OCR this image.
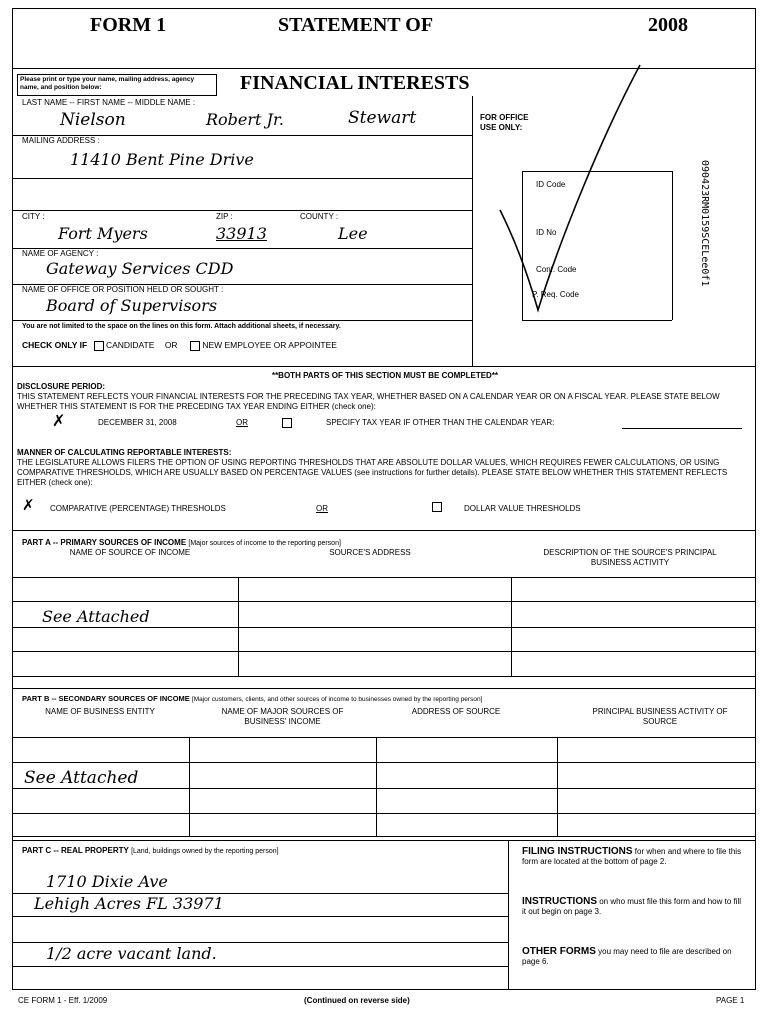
FORM 1	STATEMENT OF	2008
Please print or type your name, mailing address, agency name, and position below:	FINANCIAL INTERESTS
LAST NAME -- FIRST NAME -- MIDDLE NAME :
Nielson	Robert Jr.	Stewart
MAILING ADDRESS :
11410 Bent Pine Drive
CITY :	ZIP :	COUNTY :
Fort Myers	33913	Lee
NAME OF AGENCY :
Gateway Services CDD
NAME OF OFFICE OR POSITION HELD OR SOUGHT :
Board of Supervisors
You are not limited to the space on the lines on this form. Attach additional sheets, if necessary.
CHECK ONLY IF CANDIDATE OR	NEW EMPLOYEE OR APPOINTEE
FOR OFFICE USE ONLY:
ID Code
ID No
Conf. Code
P. Req. Code
090423RM0159SCELee0f1
**BOTH PARTS OF THIS SECTION MUST BE COMPLETED**
DISCLOSURE PERIOD:
THIS STATEMENT REFLECTS YOUR FINANCIAL INTERESTS FOR THE PRECEDING TAX YEAR, WHETHER BASED ON A CALENDAR YEAR OR ON A FISCAL YEAR. PLEASE STATE BELOW WHETHER THIS STATEMENT IS FOR THE PRECEDING TAX YEAR ENDING EITHER (check one):
✗	DECEMBER 31, 2008	OR	SPECIFY TAX YEAR IF OTHER THAN THE CALENDAR YEAR:
MANNER OF CALCULATING REPORTABLE INTERESTS:
THE LEGISLATURE ALLOWS FILERS THE OPTION OF USING REPORTING THRESHOLDS THAT ARE ABSOLUTE DOLLAR VALUES, WHICH REQUIRES FEWER CALCULATIONS, OR USING COMPARATIVE THRESHOLDS, WHICH ARE USUALLY BASED ON PERCENTAGE VALUES (see instructions for further details). PLEASE STATE BELOW WHETHER THIS STATEMENT REFLECTS EITHER (check one):
✗ COMPARATIVE (PERCENTAGE) THRESHOLDS	OR	DOLLAR VALUE THRESHOLDS
PART A -- PRIMARY SOURCES OF INCOME [Major sources of income to the reporting person]
NAME OF SOURCE OF INCOME	SOURCE'S ADDRESS	DESCRIPTION OF THE SOURCE'S PRINCIPAL BUSINESS ACTIVITY
See Attached
PART B -- SECONDARY SOURCES OF INCOME [Major customers, clients, and other sources of income to businesses owned by the reporting person]
NAME OF BUSINESS ENTITY	NAME OF MAJOR SOURCES OF BUSINESS' INCOME
ADDRESS OF SOURCE	PRINCIPAL BUSINESS ACTIVITY OF SOURCE
See Attached
PART C -- REAL PROPERTY [Land, buildings owned by the reporting person]
1710 Dixie Ave
Lehigh Acres FL 33971
1/2 acre vacant land.
FILING INSTRUCTIONS for when and where to file this form are located at the bottom of page 2.
INSTRUCTIONS on who must file this form and how to fill it out begin on page 3.
OTHER FORMS you may need to file are described on page 6.
CE FORM 1 - Eff. 1/2009	(Continued on reverse side)	PAGE 1
